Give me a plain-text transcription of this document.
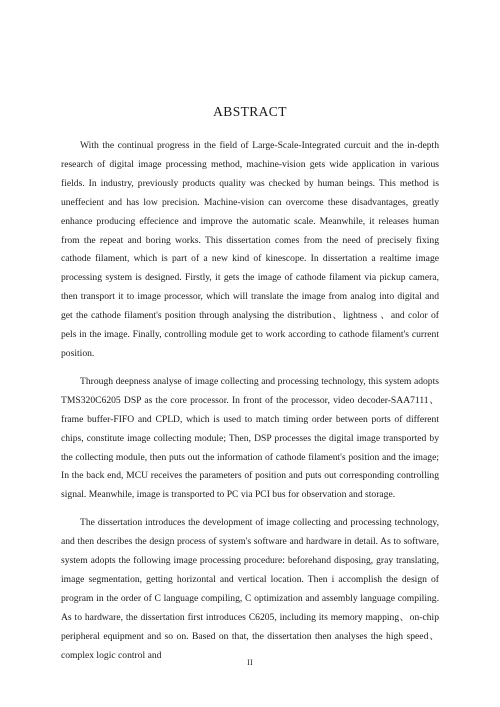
ABSTRACT

With the continual progress in the field of Large-Scale-Integrated curcuit and the in-depth research of digital image processing method, machine-vision gets wide application in various fields. In industry, previously products quality was checked by human beings. This method is uneffecient and has low precision. Machine-vision can overcome these disadvantages, greatly enhance producing effecience and improve the automatic scale. Meanwhile, it releases human from the repeat and boring works. This dissertation comes from the need of precisely fixing cathode filament, which is part of a new kind of kinescope. In dissertation a realtime image processing system is designed. Firstly, it gets the image of cathode filament via pickup camera, then transport it to image processor, which will translate the image from analog into digital and get the cathode filament's position through analysing the distribution、lightness 、and color of pels in the image. Finally, controlling module get to work according to cathode filament's current position.

Through deepness analyse of image collecting and processing technology, this system adopts TMS320C6205 DSP as the core processor. In front of the processor, video decoder-SAA7111、frame buffer-FIFO and CPLD, which is used to match timing order between ports of different chips, constitute image collecting module; Then, DSP processes the digital image transported by the collecting module, then puts out the information of cathode filament's position and the image; In the back end, MCU receives the parameters of position and puts out corresponding controlling signal. Meanwhile, image is transported to PC via PCI bus for observation and storage.

The dissertation introduces the development of image collecting and processing technology, and then describes the design process of system's software and hardware in detail. As to software, system adopts the following image processing procedure: beforehand disposing, gray translating, image segmentation, getting horizontal and vertical location. Then i accomplish the design of program in the order of C language compiling, C optimization and assembly language compiling. As to hardware, the dissertation first introduces C6205, including its memory mapping、on-chip peripheral equipment and so on. Based on that, the dissertation then analyses the high speed、complex logic control and

II
